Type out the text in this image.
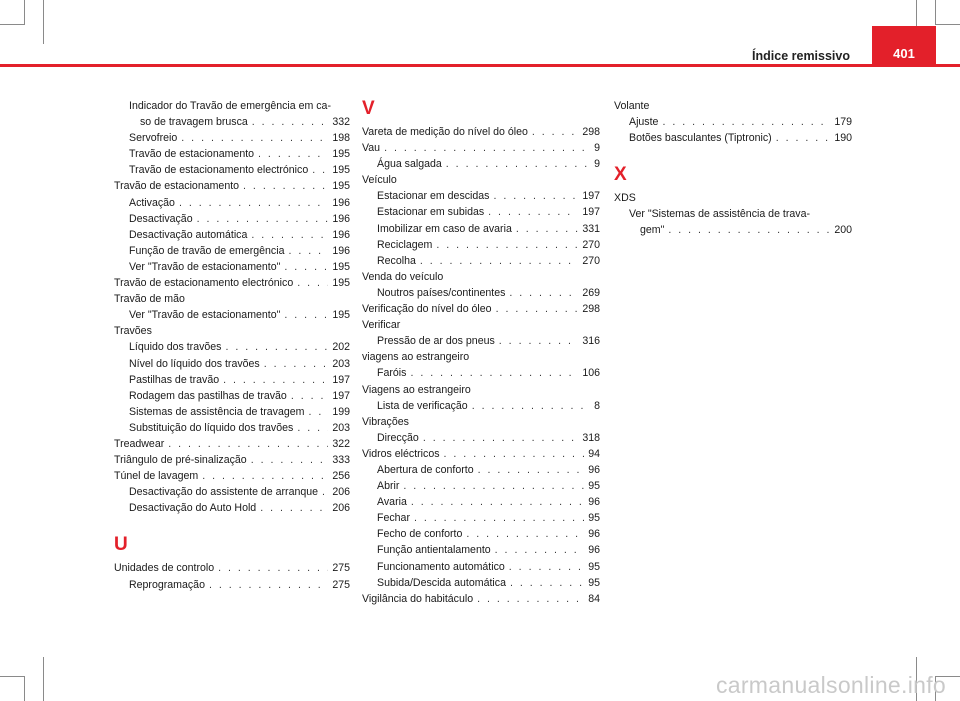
Índice remissivo	401
Indicador do Travão de emergência em ca-
so de travagem brusca . . .	332
Servofreio . . .	198
Travão de estacionamento . . .	195
Travão de estacionamento electrónico . . . 195
Travão de estacionamento . . .	195
Activação . . .	196
Desactivação . . .	196
Desactivação automática . . .	196
Função de travão de emergência . . .	196
Ver "Travão de estacionamento" . . .	195
Travão de estacionamento electrónico . . .	195
Travão de mão
Ver "Travão de estacionamento" . . .	195
Travões
Líquido dos travões . . .	202
Nível do líquido dos travões . . .	203
Pastilhas de travão . . .	197
Rodagem das pastilhas de travão . . .	197
Sistemas de assistência de travagem . . .	199
Substituição do líquido dos travões . . .	203
Treadwear . . .	322
Triângulo de pré-sinalização . . .	333
Túnel de lavagem . . .	256
Desactivação do assistente de arranque . . . 206
Desactivação do Auto Hold . . .	206
U
Unidades de controlo . . .	275
Reprogramação . . .	275
V
Vareta de medição do nível do óleo . . .	298
Vau . . .	9
Água salgada . . .	9
Veículo
Estacionar em descidas . . .	197
Estacionar em subidas . . .	197
Imobilizar em caso de avaria . . .	331
Reciclagem . . .	270
Recolha . . .	270
Venda do veículo
Noutros países/continentes . . .	269
Verificação do nível do óleo . . .	298
Verificar
Pressão de ar dos pneus . . .	316
viagens ao estrangeiro
Faróis . . .	106
Viagens ao estrangeiro
Lista de verificação . . .	8
Vibrações
Direcção . . .	318
Vidros eléctricos . . .	94
Abertura de conforto . . .	96
Abrir . . .	95
Avaria . . .	96
Fechar . . .	95
Fecho de conforto . . .	96
Função antientalamento . . .	96
Funcionamento automático . . .	95
Subida/Descida automática . . .	95
Vigilância do habitáculo . . .	84
Volante
Ajuste . . .	179
Botões basculantes (Tiptronic) . . .	190
X
XDS
Ver "Sistemas de assistência de trava-
gem" . . .	200
carmanualsonline.info
